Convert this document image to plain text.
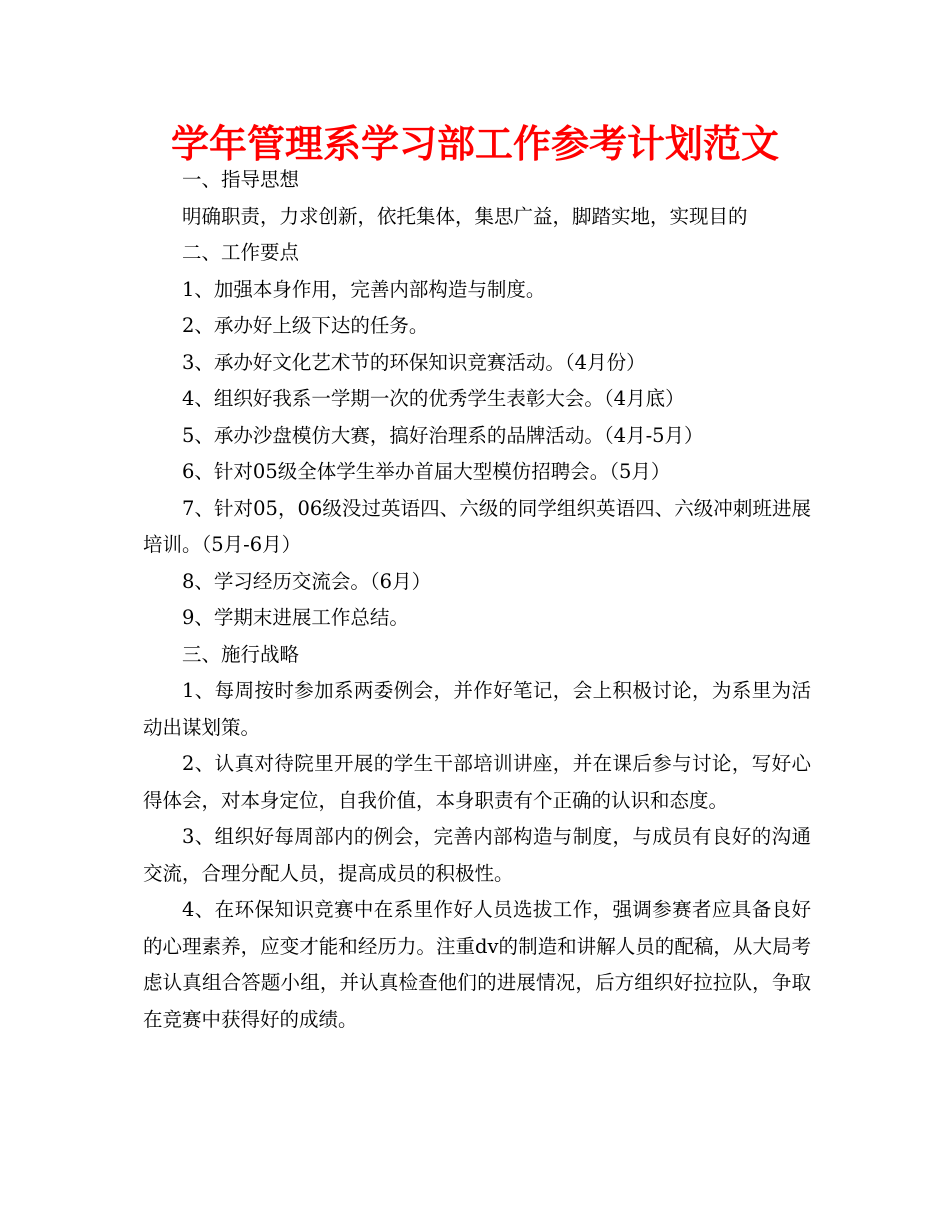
学年管理系学习部工作参考计划范文

一、指导思想

明确职责，力求创新，依托集体，集思广益，脚踏实地，实现目的

二、工作要点

1、加强本身作用，完善内部构造与制度。

2、承办好上级下达的任务。

3、承办好文化艺术节的环保知识竞赛活动。（4月份）

4、组织好我系一学期一次的优秀学生表彰大会。（4月底）

5、承办沙盘模仿大赛，搞好治理系的品牌活动。（4月-5月）

6、针对05级全体学生举办首届大型模仿招聘会。（5月）

7、针对05，06级没过英语四、六级的同学组织英语四、六级冲刺班进展培训。（5月-6月）

8、学习经历交流会。（6月）

9、学期末进展工作总结。

三、施行战略

1、每周按时参加系两委例会，并作好笔记，会上积极讨论，为系里为活动出谋划策。

2、认真对待院里开展的学生干部培训讲座，并在课后参与讨论，写好心得体会，对本身定位，自我价值，本身职责有个正确的认识和态度。

3、组织好每周部内的例会，完善内部构造与制度，与成员有良好的沟通交流，合理分配人员，提高成员的积极性。

4、在环保知识竞赛中在系里作好人员选拔工作，强调参赛者应具备良好的心理素养，应变才能和经历力。注重dv的制造和讲解人员的配稿，从大局考虑认真组合答题小组，并认真检查他们的进展情况，后方组织好拉拉队，争取在竞赛中获得好的成绩。
